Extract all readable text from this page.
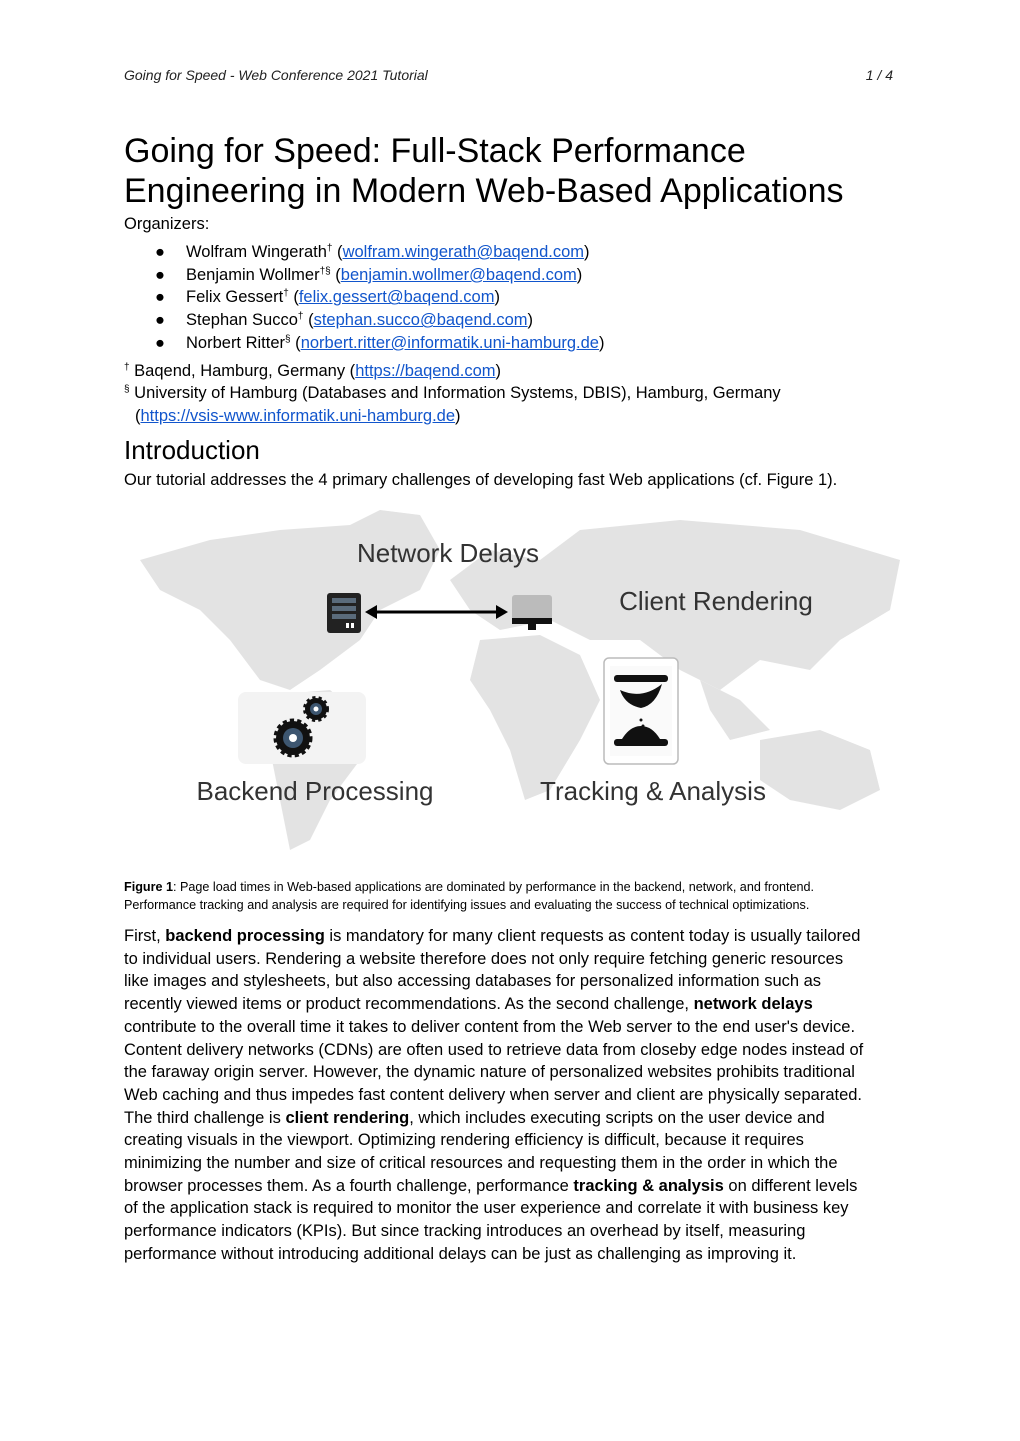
Going for Speed - Web Conference 2021 Tutorial	1 / 4
Going for Speed: Full-Stack Performance
Engineering in Modern Web-Based Applications
Organizers:
● Wolfram Wingerath† (wolfram.wingerath@baqend.com)
● Benjamin Wollmer†§ (benjamin.wollmer@baqend.com)
● Felix Gessert† (felix.gessert@baqend.com)
● Stephan Succo† (stephan.succo@baqend.com)
● Norbert Ritter§ (norbert.ritter@informatik.uni-hamburg.de)
† Baqend, Hamburg, Germany (https://baqend.com)
§ University of Hamburg (Databases and Information Systems, DBIS), Hamburg, Germany
(https://vsis-www.informatik.uni-hamburg.de)
Introduction
Our tutorial addresses the 4 primary challenges of developing fast Web applications (cf. Figure 1).
Network Delays
Client Rendering
Backend Processing	Tracking & Analysis
Figure 1: Page load times in Web-based applications are dominated by performance in the backend, network, and frontend.
Performance tracking and analysis are required for identifying issues and evaluating the success of technical optimizations.
First, backend processing is mandatory for many client requests as content today is usually tailored
to individual users. Rendering a website therefore does not only require fetching generic resources
like images and stylesheets, but also accessing databases for personalized information such as
recently viewed items or product recommendations. As the second challenge, network delays
contribute to the overall time it takes to deliver content from the Web server to the end user's device.
Content delivery networks (CDNs) are often used to retrieve data from closeby edge nodes instead of
the faraway origin server. However, the dynamic nature of personalized websites prohibits traditional
Web caching and thus impedes fast content delivery when server and client are physically separated.
The third challenge is client rendering, which includes executing scripts on the user device and
creating visuals in the viewport. Optimizing rendering efficiency is difficult, because it requires
minimizing the number and size of critical resources and requesting them in the order in which the
browser processes them. As a fourth challenge, performance tracking & analysis on different levels
of the application stack is required to monitor the user experience and correlate it with business key
performance indicators (KPIs). But since tracking introduces an overhead by itself, measuring
performance without introducing additional delays can be just as challenging as improving it.
